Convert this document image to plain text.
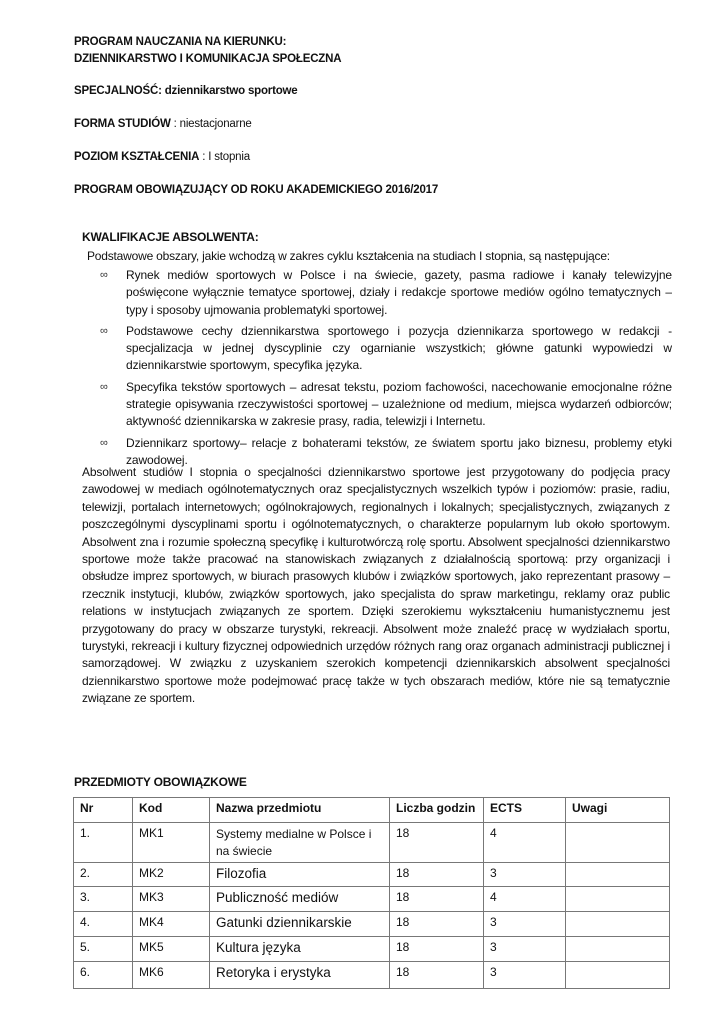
PROGRAM NAUCZANIA NA KIERUNKU:
DZIENNIKARSTWO I KOMUNIKACJA SPOŁECZNA
SPECJALNOŚĆ: dziennikarstwo sportowe
FORMA STUDIÓW : niestacjonarne
POZIOM KSZTAŁCENIA : I stopnia
PROGRAM OBOWIĄZUJĄCY OD ROKU AKADEMICKIEGO 2016/2017
KWALIFIKACJE ABSOLWENTA:
Podstawowe obszary, jakie wchodzą w zakres cyklu kształcenia na studiach I stopnia, są następujące:
∞ Rynek mediów sportowych w Polsce i na świecie, gazety, pasma radiowe i kanały telewizyjne poświęcone wyłącznie tematyce sportowej, działy i redakcje sportowe mediów ogólno tematycznych – typy i sposoby ujmowania problematyki sportowej.
∞ Podstawowe cechy dziennikarstwa sportowego i pozycja dziennikarza sportowego w redakcji - specjalizacja w jednej dyscyplinie czy ogarnianie wszystkich; główne gatunki wypowiedzi w dziennikarstwie sportowym, specyfika języka.
∞ Specyfika tekstów sportowych – adresat tekstu, poziom fachowości, nacechowanie emocjonalne różne strategie opisywania rzeczywistości sportowej – uzależnione od medium, miejsca wydarzeń odbiorców; aktywność dziennikarska w zakresie prasy, radia, telewizji i Internetu.
∞ Dziennikarz sportowy– relacje z bohaterami tekstów, ze światem sportu jako biznesu, problemy etyki zawodowej.
Absolwent studiów I stopnia o specjalności dziennikarstwo sportowe jest przygotowany do podjęcia pracy zawodowej w mediach ogólnotematycznych oraz specjalistycznych wszelkich typów i poziomów: prasie, radiu, telewizji, portalach internetowych; ogólnokrajowych, regionalnych i lokalnych; specjalistycznych, związanych z poszczególnymi dyscyplinami sportu i ogólnotematycznych, o charakterze popularnym lub około sportowym. Absolwent zna i rozumie społeczną specyfikę i kulturotwórczą rolę sportu. Absolwent specjalności dziennikarstwo sportowe może także pracować na stanowiskach związanych z działalnością sportową: przy organizacji i obsłudze imprez sportowych, w biurach prasowych klubów i związków sportowych, jako reprezentant prasowy – rzecznik instytucji, klubów, związków sportowych, jako specjalista do spraw marketingu, reklamy oraz public relations w instytucjach związanych ze sportem. Dzięki szerokiemu wykształceniu humanistycznemu jest przygotowany do pracy w obszarze turystyki, rekreacji. Absolwent może znaleźć pracę w wydziałach sportu, turystyki, rekreacji i kultury fizycznej odpowiednich urzędów różnych rang oraz organach administracji publicznej i samorządowej. W związku z uzyskaniem szerokich kompetencji dziennikarskich absolwent specjalności dziennikarstwo sportowe może podejmować pracę także w tych obszarach mediów, które nie są tematycznie związane ze sportem.
PRZEDMIOTY OBOWIĄZKOWE
Nr	Kod	Nazwa przedmiotu	Liczba godzin	ECTS	Uwagi
1.	MK1	Systemy medialne w Polsce i na świecie	18	4	
2.	MK2	Filozofia	18	3	
3.	MK3	Publiczność mediów	18	4	
4.	MK4	Gatunki dziennikarskie	18	3	
5.	MK5	Kultura języka	18	3	
6.	MK6	Retoryka i erystyka	18	3	
